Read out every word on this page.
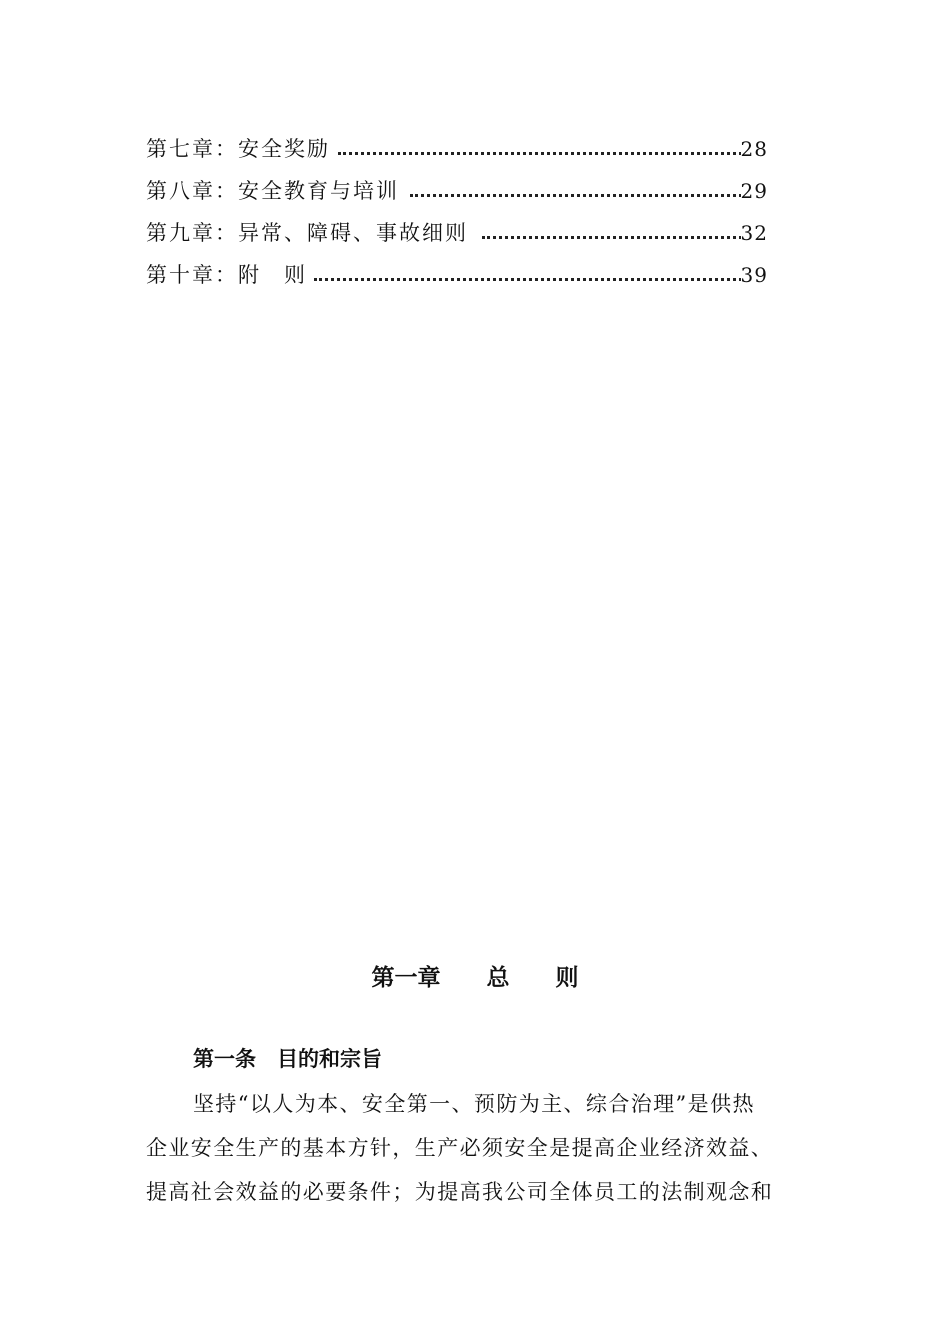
第七章：安全奖励	28
第八章：安全教育与培训	29
第九章：异常、障碍、事故细则	32
第十章：附　则	39
第一章　　总　　则
第一条　目的和宗旨
坚持“以人为本、安全第一、预防为主、综合治理”是供热
企业安全生产的基本方针，生产必须安全是提高企业经济效益、
提高社会效益的必要条件；为提高我公司全体员工的法制观念和
